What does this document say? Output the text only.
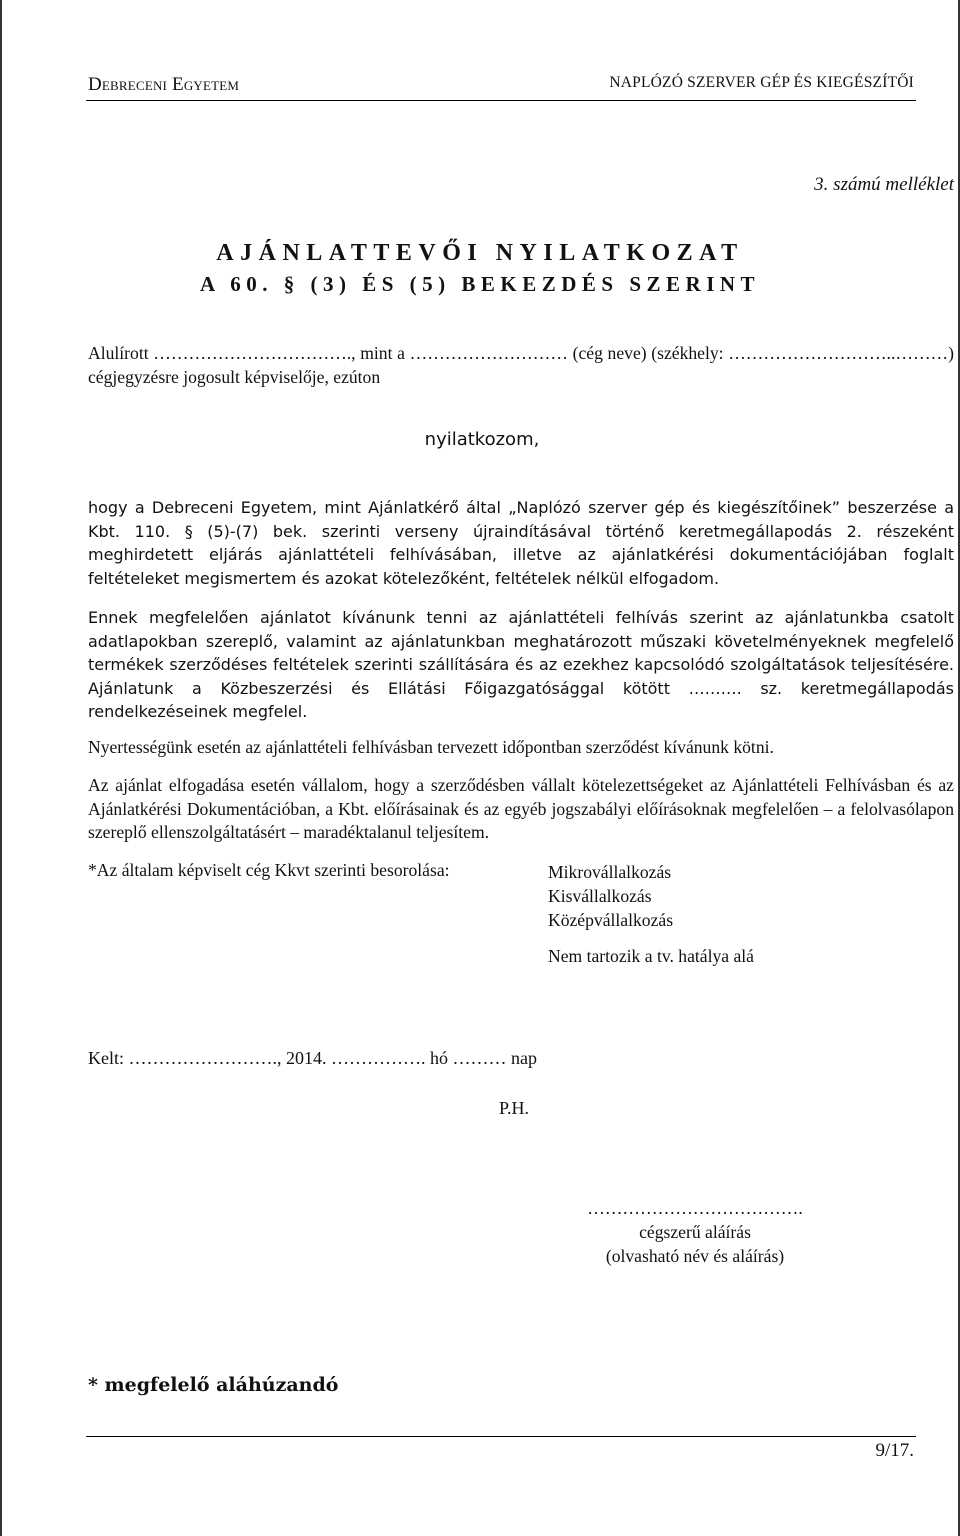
Debreceni Egyetem	NAPLÓZÓ SZERVER GÉP ÉS KIEGÉSZÍTŐI
3. számú melléklet
AJÁNLATTEVŐI NYILATKOZAT
A 60. § (3) ÉS (5) BEKEZDÉS SZERINT
Alulírott ……………………………., mint a ……………………… (cég neve) (székhely: ………………………..………) cégjegyzésre jogosult képviselője, ezúton
nyilatkozom,
hogy a Debreceni Egyetem, mint Ajánlatkérő által „Naplózó szerver gép és kiegészítőinek” beszerzése a Kbt. 110. § (5)-(7) bek. szerinti verseny újraindításával történő keretmegállapodás 2. részeként meghirdetett eljárás ajánlattételi felhívásában, illetve az ajánlatkérési dokumentációjában foglalt feltételeket megismertem és azokat kötelezőként, feltételek nélkül elfogadom.
Ennek megfelelően ajánlatot kívánunk tenni az ajánlattételi felhívás szerint az ajánlatunkba csatolt adatlapokban szereplő, valamint az ajánlatunkban meghatározott műszaki követelményeknek megfelelő termékek szerződéses feltételek szerinti szállítására és az ezekhez kapcsolódó szolgáltatások teljesítésére. Ajánlatunk a Közbeszerzési és Ellátási Főigazgatósággal kötött ………. sz. keretmegállapodás rendelkezéseinek megfelel.
Nyertességünk esetén az ajánlattételi felhívásban tervezett időpontban szerződést kívánunk kötni.
Az ajánlat elfogadása esetén vállalom, hogy a szerződésben vállalt kötelezettségeket az Ajánlattételi Felhívásban és az Ajánlatkérési Dokumentációban, a Kbt. előírásainak és az egyéb jogszabályi előírásoknak megfelelően – a felolvasólapon szereplő ellenszolgáltatásért – maradéktalanul teljesítem.
*Az általam képviselt cég Kkvt szerinti besorolása:	Mikrovállalkozás
Kisvállalkozás
Középvállalkozás
Nem tartozik a tv. hatálya alá
Kelt: ……………………., 2014. ……………. hó ……… nap
P.H.
……………………………….
cégszerű aláírás
(olvasható név és aláírás)
* megfelelő aláhúzandó
9/17.
